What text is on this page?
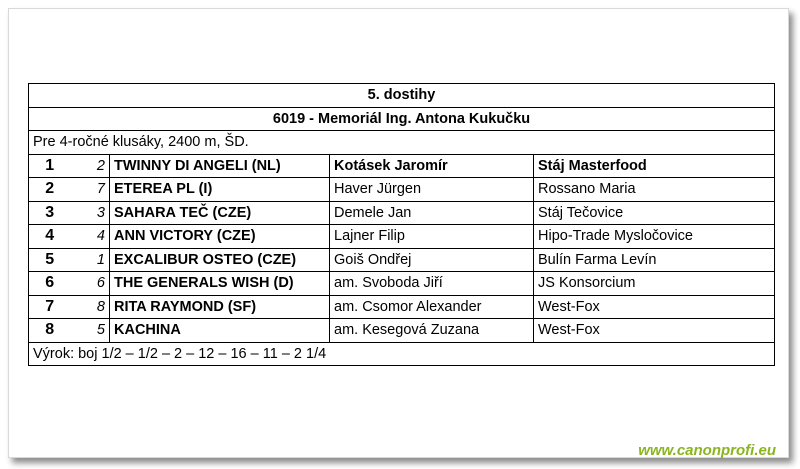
5. dostihy				
6019 - Memoriál Ing. Antona Kukučku				
Pre 4-ročné klusáky, 2400 m, ŠD.				
1	2	TWINNY DI ANGELI (NL)	Kotásek Jaromír	Stáj Masterfood
2	7	ETEREA PL (I)	Haver Jürgen	Rossano Maria
3	3	SAHARA TEČ (CZE)	Demele Jan	Stáj Tečovice
4	4	ANN VICTORY (CZE)	Lajner Filip	Hipo-Trade Mysločovice
5	1	EXCALIBUR OSTEO (CZE)	Goiš Ondřej	Bulín Farma Levín
6	6	THE GENERALS WISH (D)	am. Svoboda Jiří	JS Konsorcium
7	8	RITA RAYMOND (SF)	am. Csomor Alexander	West-Fox
8	5	KACHINA	am. Kesegová Zuzana	West-Fox
Výrok: boj 1/2 – 1/2 – 2 – 12 – 16 – 11 – 2 1/4				
www.canonprofi.eu
